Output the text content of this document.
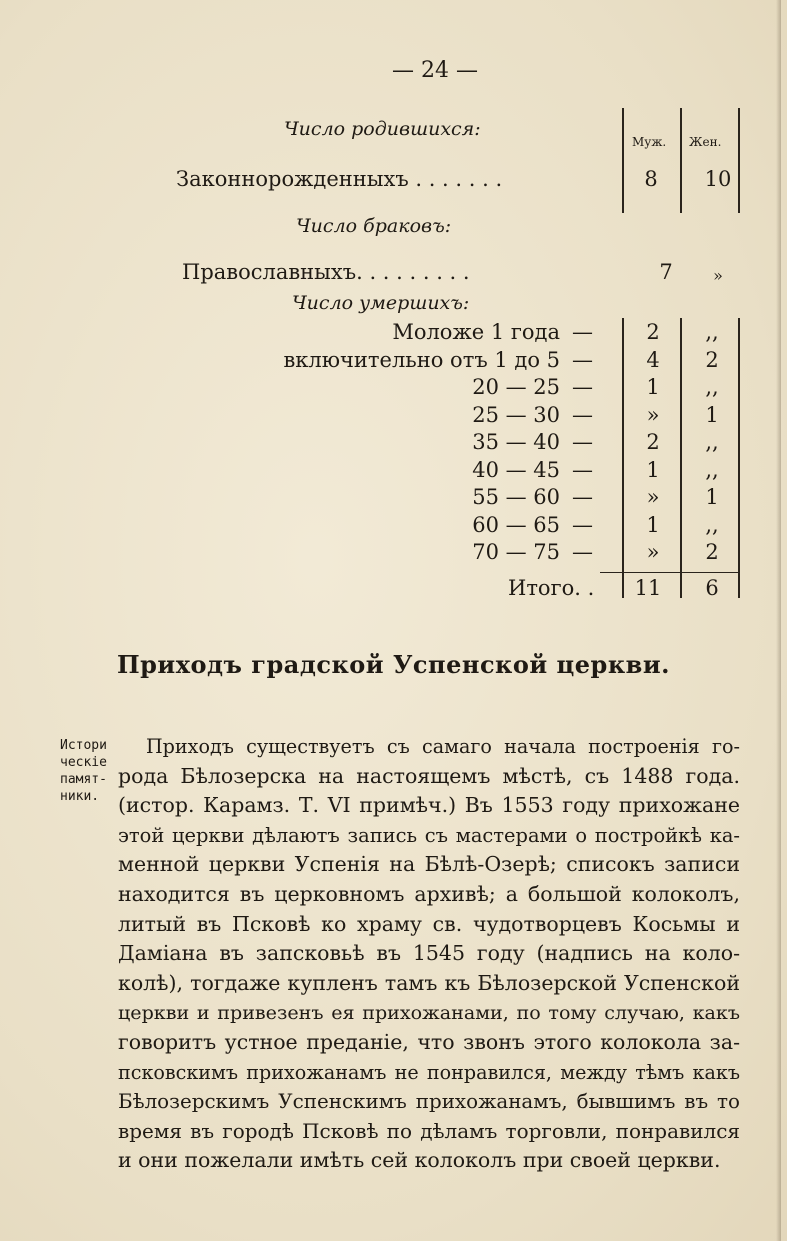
— 24 —
Число родившихся:
Муж. Жен.
Законнорожденныхъ . . . . . . .	8	10
Число браковъ:
Православныхъ. . . . . . . . .	7	»
Число умершихъ:
Моложе 1 года —	2	,,
включительно отъ 1 до 5 —	4	2
20 — 25 —	1	,,
25 — 30 —	»	1
35 — 40 —	2	,,
40 — 45 —	1	,,
55 — 60 —	»	1
60 — 65 —	1	,,
70 — 75 —	»	2
Итого. .	11	6
Приходъ градской Успенской церкви.
Истори
ческіе
памят-
ники.
Приходъ существуетъ съ самаго начала построенія го-
рода Бѣлозерска на настоящемъ мѣстѣ, съ 1488 года.
(истор. Карамз. Т. VI примѣч.) Въ 1553 году прихожане
этой церкви дѣлаютъ запись съ мастерами о постройкѣ ка-
менной церкви Успенія на Бѣлѣ-Озерѣ; списокъ записи
находится въ церковномъ архивѣ; а большой колоколъ,
литый въ Псковѣ ко храму св. чудотворцевъ Косьмы и
Даміана въ запсковьѣ въ 1545 году (надпись на коло-
колѣ), тогдаже купленъ тамъ къ Бѣлозерской Успенской
церкви и привезенъ ея прихожанами, по тому случаю, какъ
говоритъ устное преданіе, что звонъ этого колокола за-
псковскимъ прихожанамъ не понравился, между тѣмъ какъ
Бѣлозерскимъ Успенскимъ прихожанамъ, бывшимъ въ то
время въ городѣ Псковѣ по дѣламъ торговли, понравился
и они пожелали имѣть сей колоколъ при своей церкви.
